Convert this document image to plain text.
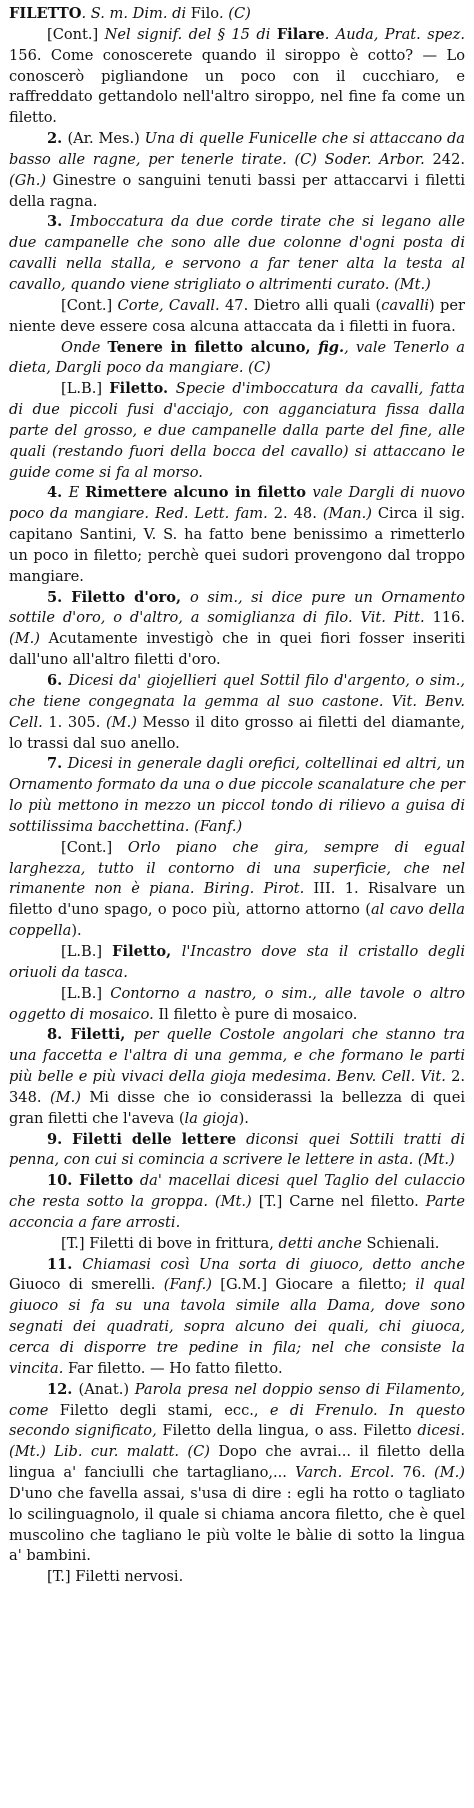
FILETTO. S. m. Dim. di Filo. (C)

[Cont.] Nel signif. del § 15 di Filare. Auda, Prat. spez. 156. Come conoscerete quando il siroppo è cotto? — Lo conoscerò pigliandone un poco con il cucchiaro, e raffreddato gettandolo nell'altro siroppo, nel fine fa come un filetto.

2. (Ar. Mes.) Una di quelle Funicelle che si attaccano da basso alle ragne, per tenerle tirate. (C) Soder. Arbor. 242. (Gh.) Ginestre o sanguini tenuti bassi per attaccarvi i filetti della ragna.

3. Imboccatura da due corde tirate che si legano alle due campanelle che sono alle due colonne d'ogni posta di cavalli nella stalla, e servono a far tener alta la testa al cavallo, quando viene strigliato o altrimenti curato. (Mt.)

[Cont.] Corte, Cavall. 47. Dietro alli quali (cavalli) per niente deve essere cosa alcuna attaccata da i filetti in fuora.

Onde Tenere in filetto alcuno, fig., vale Tenerlo a dieta, Dargli poco da mangiare. (C)

[L.B.] Filetto. Specie d'imboccatura da cavalli, fatta di due piccoli fusi d'acciajo, con agganciatura fissa dalla parte del grosso, e due campanelle dalla parte del fine, alle quali (restando fuori della bocca del cavallo) si attaccano le guide come si fa al morso.

4. E Rimettere alcuno in filetto vale Dargli di nuovo poco da mangiare. Red. Lett. fam. 2. 48. (Man.) Circa il sig. capitano Santini, V. S. ha fatto bene benissimo a rimetterlo un poco in filetto; perchè quei sudori provengono dal troppo mangiare.

5. Filetto d'oro, o sim., si dice pure un Ornamento sottile d'oro, o d'altro, a somiglianza di filo. Vit. Pitt. 116. (M.) Acutamente investigò che in quei fiori fosser inseriti dall'uno all'altro filetti d'oro.

6. Dicesi da' giojellieri quel Sottil filo d'argento, o sim., che tiene congegnata la gemma al suo castone. Vit. Benv. Cell. 1. 305. (M.) Messo il dito grosso ai filetti del diamante, lo trassi dal suo anello.

7. Dicesi in generale dagli orefici, coltellinai ed altri, un Ornamento formato da una o due piccole scanalature che per lo più mettono in mezzo un piccol tondo di rilievo a guisa di sottilissima bacchettina. (Fanf.)

[Cont.] Orlo piano che gira, sempre di egual larghezza, tutto il contorno di una superficie, che nel rimanente non è piana. Biring. Pirot. III. 1. Risalvare un filetto d'uno spago, o poco più, attorno attorno (al cavo della coppella).

[L.B.] Filetto, l'Incastro dove sta il cristallo degli oriuoli da tasca.

[L.B.] Contorno a nastro, o sim., alle tavole o altro oggetto di mosaico. Il filetto è pure di mosaico.

8. Filetti, per quelle Costole angolari che stanno tra una faccetta e l'altra di una gemma, e che formano le parti più belle e più vivaci della gioja medesima. Benv. Cell. Vit. 2. 348. (M.) Mi disse che io considerassi la bellezza di quei gran filetti che l'aveva (la gioja).

9. Filetti delle lettere diconsi quei Sottili tratti di penna, con cui si comincia a scrivere le lettere in asta. (Mt.)

10. Filetto da' macellai dicesi quel Taglio del culaccio che resta sotto la groppa. (Mt.) [T.] Carne nel filetto. Parte acconcia a fare arrosti.

[T.] Filetti di bove in frittura, detti anche Schienali.

11. Chiamasi così Una sorta di giuoco, detto anche Giuoco di smerelli. (Fanf.) [G.M.] Giocare a filetto; il qual giuoco si fa su una tavola simile alla Dama, dove sono segnati dei quadrati, sopra alcuno dei quali, chi giuoca, cerca di disporre tre pedine in fila; nel che consiste la vincita. Far filetto. — Ho fatto filetto.

12. (Anat.) Parola presa nel doppio senso di Filamento, come Filetto degli stami, ecc., e di Frenulo. In questo secondo significato, Filetto della lingua, o ass. Filetto dicesi. (Mt.) Lib. cur. malatt. (C) Dopo che avrai... il filetto della lingua a' fanciulli che tartagliano,... Varch. Ercol. 76. (M.) D'uno che favella assai, s'usa di dire : egli ha rotto o tagliato lo scilinguagnolo, il quale si chiama ancora filetto, che è quel muscolino che tagliano le più volte le bàlie di sotto la lingua a' bambini.

[T.] Filetti nervosi.
